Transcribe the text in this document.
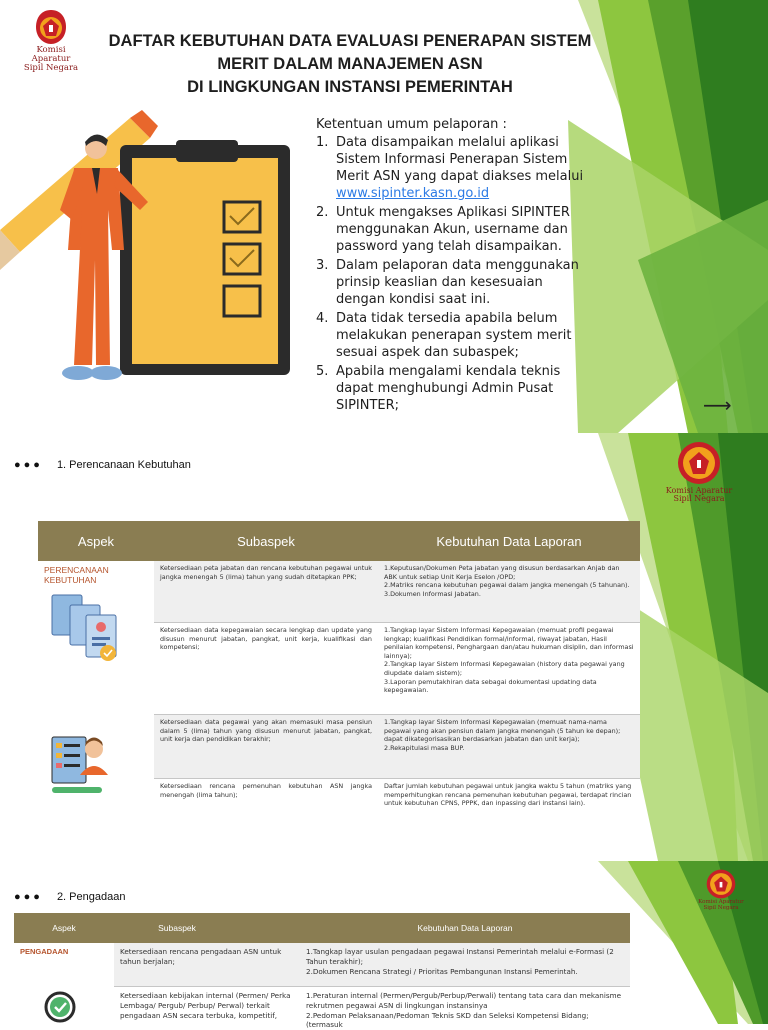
Komisi Aparatur
Sipil Negara
DAFTAR KEBUTUHAN DATA EVALUASI PENERAPAN SISTEM
MERIT DALAM MANAJEMEN ASN
DI LINGKUNGAN INSTANSI PEMERINTAH
Ketentuan umum pelaporan :
1. Data disampaikan melalui aplikasi Sistem Informasi Penerapan Sistem Merit ASN yang dapat diakses melalui www.sipinter.kasn.go.id
2. Untuk mengakses Aplikasi SIPINTER menggunakan Akun, username dan password yang telah disampaikan.
3. Dalam pelaporan data menggunakan prinsip keaslian dan kesesuaian dengan kondisi saat ini.
4. Data tidak tersedia apabila belum melakukan penerapan system merit sesuai aspek dan subaspek;
5. Apabila mengalami kendala teknis dapat menghubungi Admin Pusat SIPINTER;	⟶
●●● 1. Perencanaan Kebutuhan
Komisi Aparatur
Sipil Negara
Aspek	Subaspek	Kebutuhan Data Laporan
PERENCANAAN KEBUTUHAN
Ketersediaan peta jabatan dan rencana kebutuhan pegawai untuk jangka menengah 5 (lima) tahun yang sudah ditetapkan PPK;
1.Keputusan/Dokumen Peta jabatan yang disusun berdasarkan Anjab dan ABK untuk setiap Unit Kerja Eselon /OPD;
2.Matriks rencana kebutuhan pegawai dalam jangka menengah (5 tahunan).
3.Dokumen Informasi Jabatan.
Ketersediaan data kepegawaian secara lengkap dan update yang disusun menurut jabatan, pangkat, unit kerja, kualifikasi dan kompetensi;
1.Tangkap layar Sistem Informasi Kepegawaian (memuat profil pegawai lengkap; kualifikasi Pendidikan formal/informal, riwayat jabatan, Hasil penilaian kompetensi, Penghargaan dan/atau hukuman disiplin, dan informasi lainnya);
2.Tangkap layar Sistem Informasi Kepegawaian (history data pegawai yang diupdate dalam sistem);
3.Laporan pemutakhiran data sebagai dokumentasi updating data kepegawaian.
Ketersediaan data pegawai yang akan memasuki masa pensiun dalam 5 (lima) tahun yang disusun menurut jabatan, pangkat, unit kerja dan pendidikan terakhir;
1.Tangkap layar Sistem Informasi Kepegawaian (memuat nama-nama pegawai yang akan pensiun dalam jangka menengah (5 tahun ke depan); dapat dikategorisasikan berdasarkan jabatan dan unit kerja);
2.Rekapitulasi masa BUP.
Ketersediaan rencana pemenuhan kebutuhan ASN jangka menengah (lima tahun);
Daftar jumlah kebutuhan pegawai untuk jangka waktu 5 tahun (matriks yang memperhitungkan rencana pemenuhan kebutuhan pegawai, terdapat rincian untuk kebutuhan CPNS, PPPK, dan inpassing dari instansi lain).
●●● 2. Pengadaan	Komisi Aparatur
Sipil Negara
Aspek	Subaspek	Kebutuhan Data Laporan
PENGADAAN	Ketersediaan rencana pengadaan ASN untuk tahun berjalan;
1.Tangkap layar usulan pengadaan pegawai Instansi Pemerintah melalui e-Formasi (2 Tahun terakhir);
2.Dokumen Rencana Strategi / Prioritas Pembangunan Instansi Pemerintah.
Ketersediaan kebijakan internal (Permen/ Perka Lembaga/ Pergub/ Perbup/ Perwal) terkait pengadaan ASN secara terbuka, kompetitif,
1.Peraturan internal (Permen/Pergub/Perbup/Perwali) tentang tata cara dan mekanisme rekrutmen pegawai ASN di lingkungan instansinya
2.Pedoman Pelaksanaan/Pedoman Teknis SKD dan Seleksi Kompetensi Bidang; (termasuk
